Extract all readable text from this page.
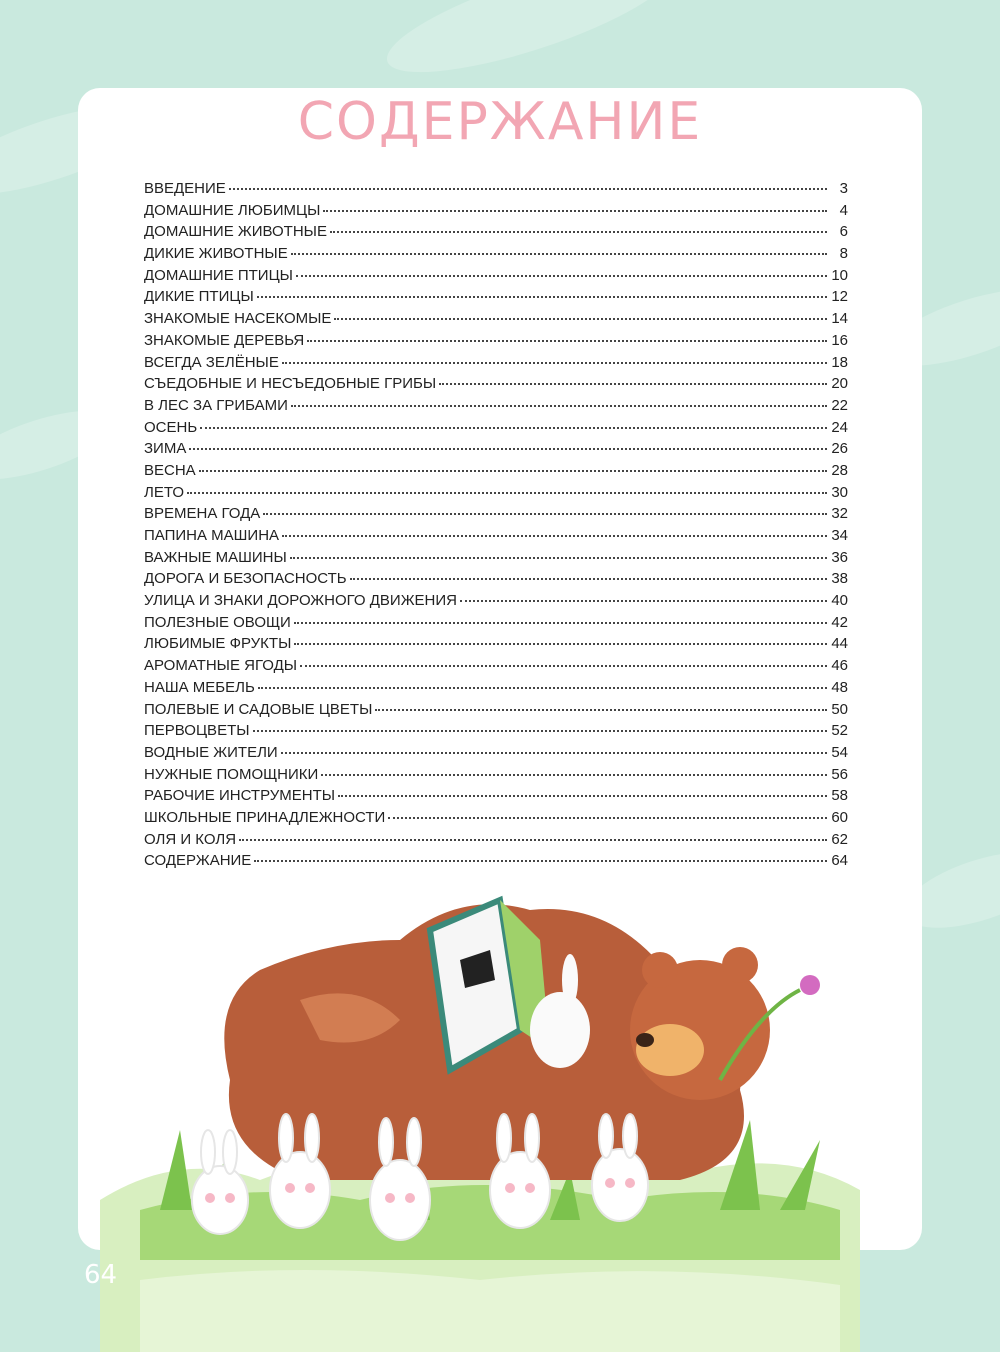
СОДЕРЖАНИЕ
ВВЕДЕНИЕ	3
ДОМАШНИЕ ЛЮБИМЦЫ	4
ДОМАШНИЕ ЖИВОТНЫЕ	6
ДИКИЕ ЖИВОТНЫЕ	8
ДОМАШНИЕ ПТИЦЫ	10
ДИКИЕ ПТИЦЫ	12
ЗНАКОМЫЕ НАСЕКОМЫЕ	14
ЗНАКОМЫЕ ДЕРЕВЬЯ	16
ВСЕГДА ЗЕЛЁНЫЕ	18
СЪЕДОБНЫЕ И НЕСЪЕДОБНЫЕ ГРИБЫ	20
В ЛЕС ЗА ГРИБАМИ	22
ОСЕНЬ	24
ЗИМА	26
ВЕСНА	28
ЛЕТО	30
ВРЕМЕНА ГОДА	32
ПАПИНА МАШИНА	34
ВАЖНЫЕ МАШИНЫ	36
ДОРОГА И БЕЗОПАСНОСТЬ	38
УЛИЦА И ЗНАКИ ДОРОЖНОГО ДВИЖЕНИЯ	40
ПОЛЕЗНЫЕ ОВОЩИ	42
ЛЮБИМЫЕ ФРУКТЫ	44
АРОМАТНЫЕ ЯГОДЫ	46
НАША МЕБЕЛЬ	48
ПОЛЕВЫЕ И САДОВЫЕ ЦВЕТЫ	50
ПЕРВОЦВЕТЫ	52
ВОДНЫЕ ЖИТЕЛИ	54
НУЖНЫЕ ПОМОЩНИКИ	56
РАБОЧИЕ ИНСТРУМЕНТЫ	58
ШКОЛЬНЫЕ ПРИНАДЛЕЖНОСТИ	60
ОЛЯ И КОЛЯ	62
СОДЕРЖАНИЕ	64
64
